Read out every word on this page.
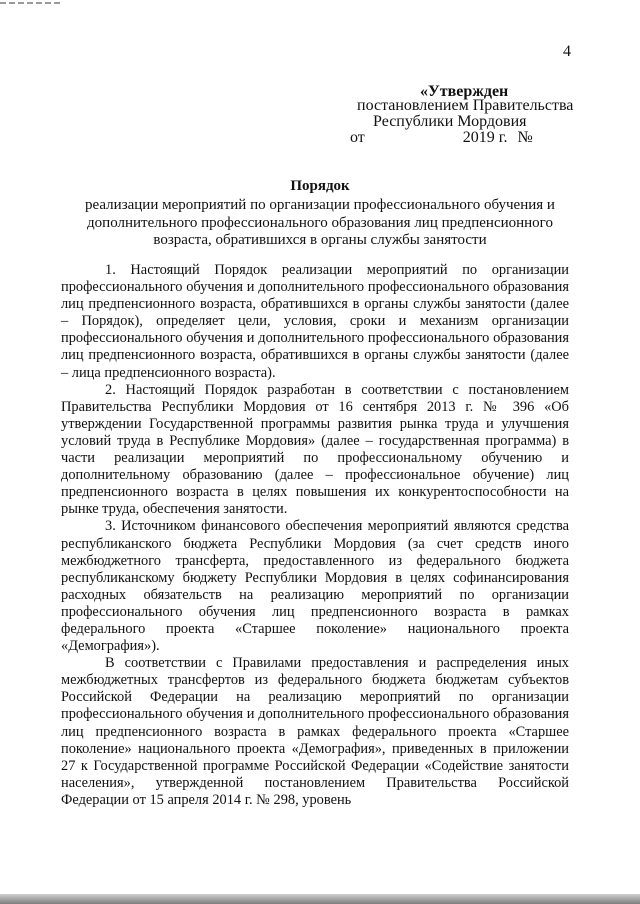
4
«Утвержден
постановлением Правительства
Республики Мордовия
от	2019 г. №
Порядок
реализации мероприятий по организации профессионального обучения и дополнительного профессионального образования лиц предпенсионного возраста, обратившихся в органы службы занятости

1. Настоящий Порядок реализации мероприятий по организации профессионального обучения и дополнительного профессионального образования лиц предпенсионного возраста, обратившихся в органы службы занятости (далее – Порядок), определяет цели, условия, сроки и механизм организации профессионального обучения и дополнительного профессионального образования лиц предпенсионного возраста, обратившихся в органы службы занятости (далее – лица предпенсионного возраста).

2. Настоящий Порядок разработан в соответствии с постановлением Правительства Республики Мордовия от 16 сентября 2013 г. № 396 «Об утверждении Государственной программы развития рынка труда и улучшения условий труда в Республике Мордовия» (далее – государственная программа) в части реализации мероприятий по профессиональному обучению и дополнительному образованию (далее – профессиональное обучение) лиц предпенсионного возраста в целях повышения их конкурентоспособности на рынке труда, обеспечения занятости.

3. Источником финансового обеспечения мероприятий являются средства республиканского бюджета Республики Мордовия (за счет средств иного межбюджетного трансферта, предоставленного из федерального бюджета республиканскому бюджету Республики Мордовия в целях софинансирования расходных обязательств на реализацию мероприятий по организации профессионального обучения лиц предпенсионного возраста в рамках федерального проекта «Старшее поколение» национального проекта «Демография»).

В соответствии с Правилами предоставления и распределения иных межбюджетных трансфертов из федерального бюджета бюджетам субъектов Российской Федерации на реализацию мероприятий по организации профессионального обучения и дополнительного профессионального образования лиц предпенсионного возраста в рамках федерального проекта «Старшее поколение» национального проекта «Демография», приведенных в приложении 27 к Государственной программе Российской Федерации «Содействие занятости населения», утвержденной постановлением Правительства Российской Федерации от 15 апреля 2014 г. № 298, уровень
